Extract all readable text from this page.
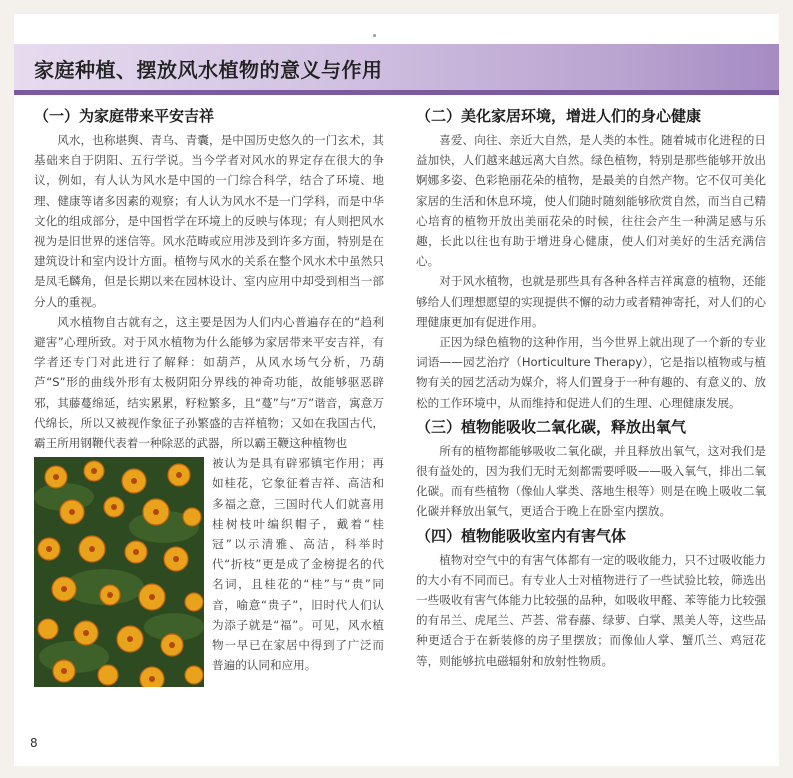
家庭种植、摆放风水植物的意义与作用
（一）为家庭带来平安吉祥

风水，也称堪舆、青乌、青囊，是中国历史悠久的一门玄术，其基础来自于阴阳、五行学说。当今学者对风水的界定存在很大的争议，例如，有人认为风水是中国的一门综合科学，结合了环境、地理、健康等诸多因素的观察；有人认为风水不是一门学科，而是中华文化的组成部分，是中国哲学在环境上的反映与体现；有人则把风水视为是旧世界的迷信等。风水范畴或应用涉及到许多方面，特别是在建筑设计和室内设计方面。植物与风水的关系在整个风水术中虽然只是凤毛麟角，但是长期以来在园林设计、室内应用中却受到相当一部分人的重视。

风水植物自古就有之，这主要是因为人们内心普遍存在的“趋利避害”心理所致。对于风水植物为什么能够为家居带来平安吉祥，有学者还专门对此进行了解释：如葫芦，从风水场气分析，乃葫芦“S”形的曲线外形有太极阴阳分界线的神奇功能，故能够驱恶辟邪，其藤蔓绵延，结实累累，籽粒繁多，且“蔓”与“万”谐音，寓意万代绵长，所以又被视作象征子孙繁盛的吉祥植物；又如在我国古代，霸王所用钢鞭代表着一种除恶的武器，所以霸王鞭这种植物也

被认为是具有辟邪镇宅作用；再如桂花，它象征着吉祥、高洁和多福之意，三国时代人们就喜用桂树枝叶编织帽子，戴着“桂冠”以示清雅、高洁，科举时代“折枝”更是成了金榜提名的代名词，且桂花的“桂”与“贵”同音，喻意“贵子”，旧时代人们认为添子就是“福”。可见，风水植物一早已在家居中得到了广泛而普遍的认同和应用。

（二）美化家居环境，增进人们的身心健康

喜爱、向往、亲近大自然，是人类的本性。随着城市化进程的日益加快，人们越来越远离大自然。绿色植物，特别是那些能够开放出婀娜多姿、色彩艳丽花朵的植物，是最美的自然产物。它不仅可美化家居的生活和休息环境，使人们随时随刻能够欣赏自然，而当自己精心培育的植物开放出美丽花朵的时候，往往会产生一种满足感与乐趣，长此以往也有助于增进身心健康，使人们对美好的生活充满信心。

对于风水植物，也就是那些具有各种各样吉祥寓意的植物，还能够给人们理想愿望的实现提供不懈的动力或者精神寄托，对人们的心理健康更加有促进作用。

正因为绿色植物的这种作用，当今世界上就出现了一个新的专业词语——园艺治疗（Horticulture Therapy），它是指以植物或与植物有关的园艺活动为媒介，将人们置身于一种有趣的、有意义的、放松的工作环境中，从而维持和促进人们的生理、心理健康发展。

（三）植物能吸收二氧化碳，释放出氧气

所有的植物都能够吸收二氧化碳，并且释放出氧气，这对我们是很有益处的，因为我们无时无刻都需要呼吸——吸入氧气，排出二氧化碳。而有些植物（像仙人掌类、落地生根等）则是在晚上吸收二氧化碳并释放出氧气，更适合于晚上在卧室内摆放。

（四）植物能吸收室内有害气体

植物对空气中的有害气体都有一定的吸收能力，只不过吸收能力的大小有不同而已。有专业人士对植物进行了一些试验比较，筛选出一些吸收有害气体能力比较强的品种，如吸收甲醛、苯等能力比较强的有吊兰、虎尾兰、芦荟、常春藤、绿萝、白掌、黑美人等，这些品种更适合于在新装修的房子里摆放；而像仙人掌、蟹爪兰、鸡冠花等，则能够抗电磁辐射和放射性物质。

8
